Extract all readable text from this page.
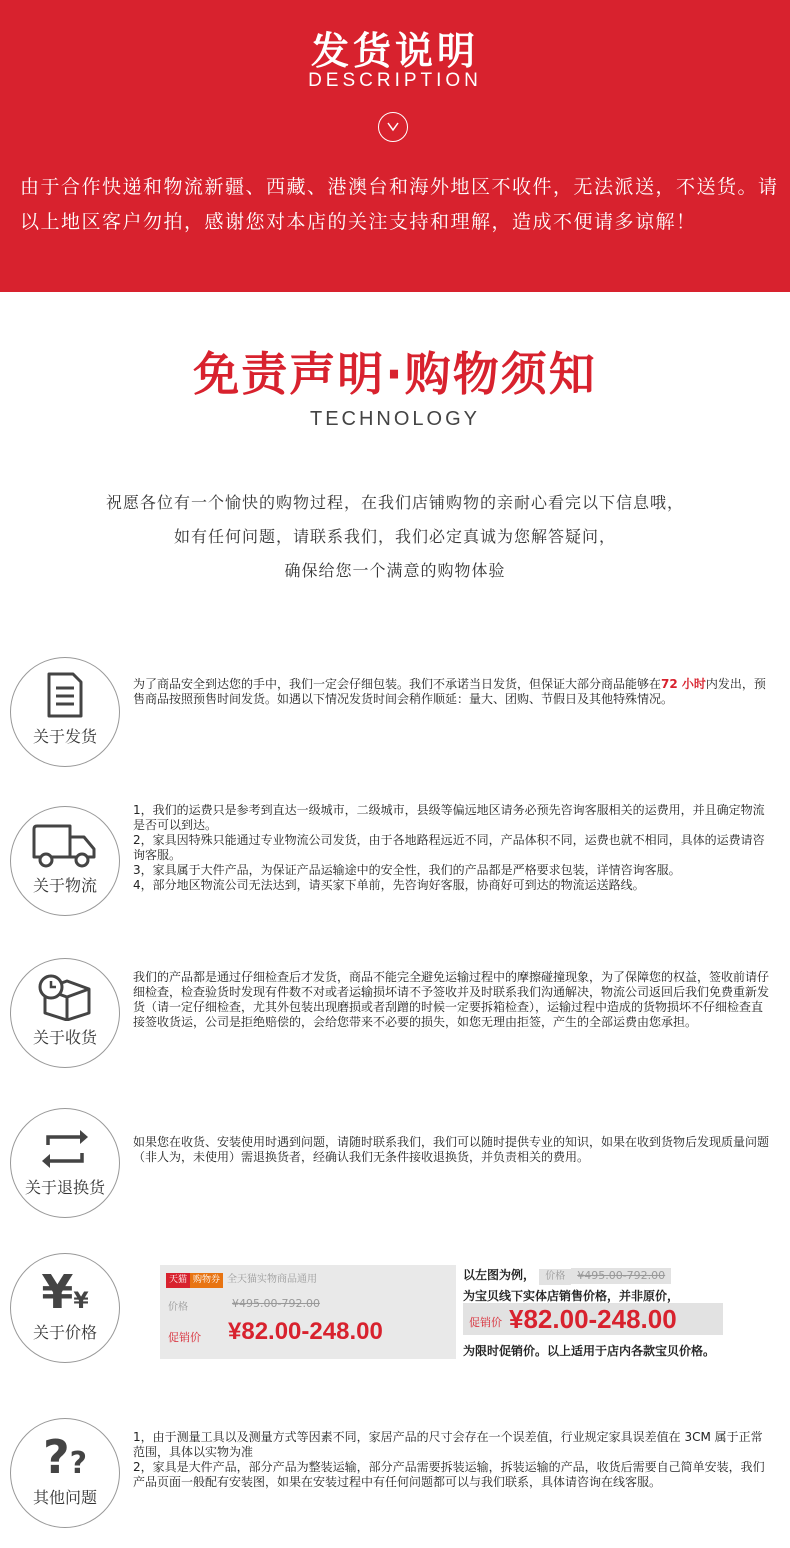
发货说明
DESCRIPTION
由于合作快递和物流新疆、西藏、港澳台和海外地区不收件，无法派送，不送货。请以上地区客户勿拍，感谢您对本店的关注支持和理解，造成不便请多谅解！
免责声明·购物须知
TECHNOLOGY
祝愿各位有一个愉快的购物过程，在我们店铺购物的亲耐心看完以下信息哦，
如有任何问题，请联系我们，我们必定真诚为您解答疑问，
确保给您一个满意的购物体验
关于发货
为了商品安全到达您的手中，我们一定会仔细包装。我们不承诺当日发货，但保证大部分商品能够在72 小时内发出，预售商品按照预售时间发货。如遇以下情况发货时间会稍作顺延：量大、团购、节假日及其他特殊情况。
关于物流
1，我们的运费只是参考到直达一级城市，二级城市，县级等偏远地区请务必预先咨询客服相关的运费用，并且确定物流是否可以到达。
2，家具因特殊只能通过专业物流公司发货，由于各地路程远近不同，产品体积不同，运费也就不相同，具体的运费请咨询客服。
3，家具属于大件产品，为保证产品运输途中的安全性，我们的产品都是严格要求包装，详情咨询客服。
4，部分地区物流公司无法达到，请买家下单前，先咨询好客服，协商好可到达的物流运送路线。
关于收货
我们的产品都是通过仔细检查后才发货，商品不能完全避免运输过程中的摩擦碰撞现象，为了保障您的权益，签收前请仔细检查，检查验货时发现有件数不对或者运输损坏请不予签收并及时联系我们沟通解决，物流公司返回后我们免费重新发货（请一定仔细检查，尤其外包装出现磨损或者刮蹭的时候一定要拆箱检查），运输过程中造成的货物损坏不仔细检查直接签收货运，公司是拒绝赔偿的，会给您带来不必要的损失，如您无理由拒签，产生的全部运费由您承担。
关于退换货
如果您在收货、安装使用时遇到问题，请随时联系我们，我们可以随时提供专业的知识，如果在收到货物后发现质量问题（非人为，未使用）需退换货者，经确认我们无条件接收退换货，并负责相关的费用。
¥¥
关于价格
天猫 购物券 全天猫实物商品通用
价格	¥495.00-792.00
促销价 ¥82.00-248.00
以左图为例， 价格 ¥495.00-792.00
为宝贝线下实体店销售价格，并非原价，
促销价 ¥82.00-248.00
为限时促销价。以上适用于店内各款宝贝价格。
??
其他问题
1，由于测量工具以及测量方式等因素不同，家居产品的尺寸会存在一个误差值，行业规定家具误差值在 3CM 属于正常范围，具体以实物为准
2，家具是大件产品，部分产品为整装运输，部分产品需要拆装运输，拆装运输的产品，收货后需要自己简单安装，我们产品页面一般配有安装图，如果在安装过程中有任何问题都可以与我们联系，具体请咨询在线客服。
